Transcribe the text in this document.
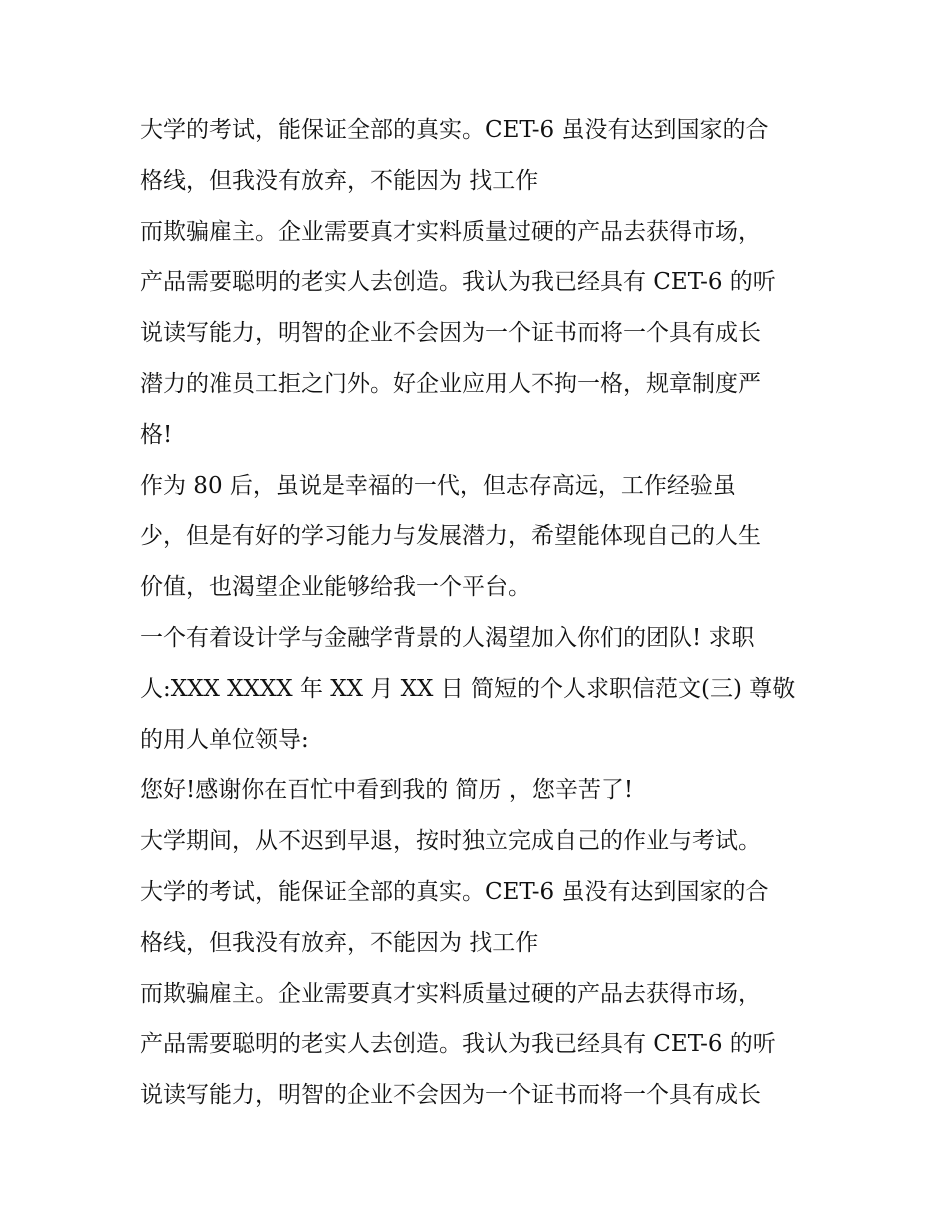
大学的考试，能保证全部的真实。CET-6 虽没有达到国家的合

格线，但我没有放弃，不能因为 找工作

而欺骗雇主。企业需要真才实料质量过硬的产品去获得市场，

产品需要聪明的老实人去创造。我认为我已经具有 CET-6 的听

说读写能力，明智的企业不会因为一个证书而将一个具有成长

潜力的准员工拒之门外。好企业应用人不拘一格，规章制度严

格!

作为 80 后，虽说是幸福的一代，但志存高远，工作经验虽

少，但是有好的学习能力与发展潜力，希望能体现自己的人生

价值，也渴望企业能够给我一个平台。

一个有着设计学与金融学背景的人渴望加入你们的团队! 求职

人:XXX XXXX 年 XX 月 XX 日 简短的个人求职信范文(三) 尊敬

的用人单位领导:

您好!感谢你在百忙中看到我的 简历 ，您辛苦了!

大学期间，从不迟到早退，按时独立完成自己的作业与考试。

大学的考试，能保证全部的真实。CET-6 虽没有达到国家的合

格线，但我没有放弃，不能因为 找工作

而欺骗雇主。企业需要真才实料质量过硬的产品去获得市场，

产品需要聪明的老实人去创造。我认为我已经具有 CET-6 的听

说读写能力，明智的企业不会因为一个证书而将一个具有成长
